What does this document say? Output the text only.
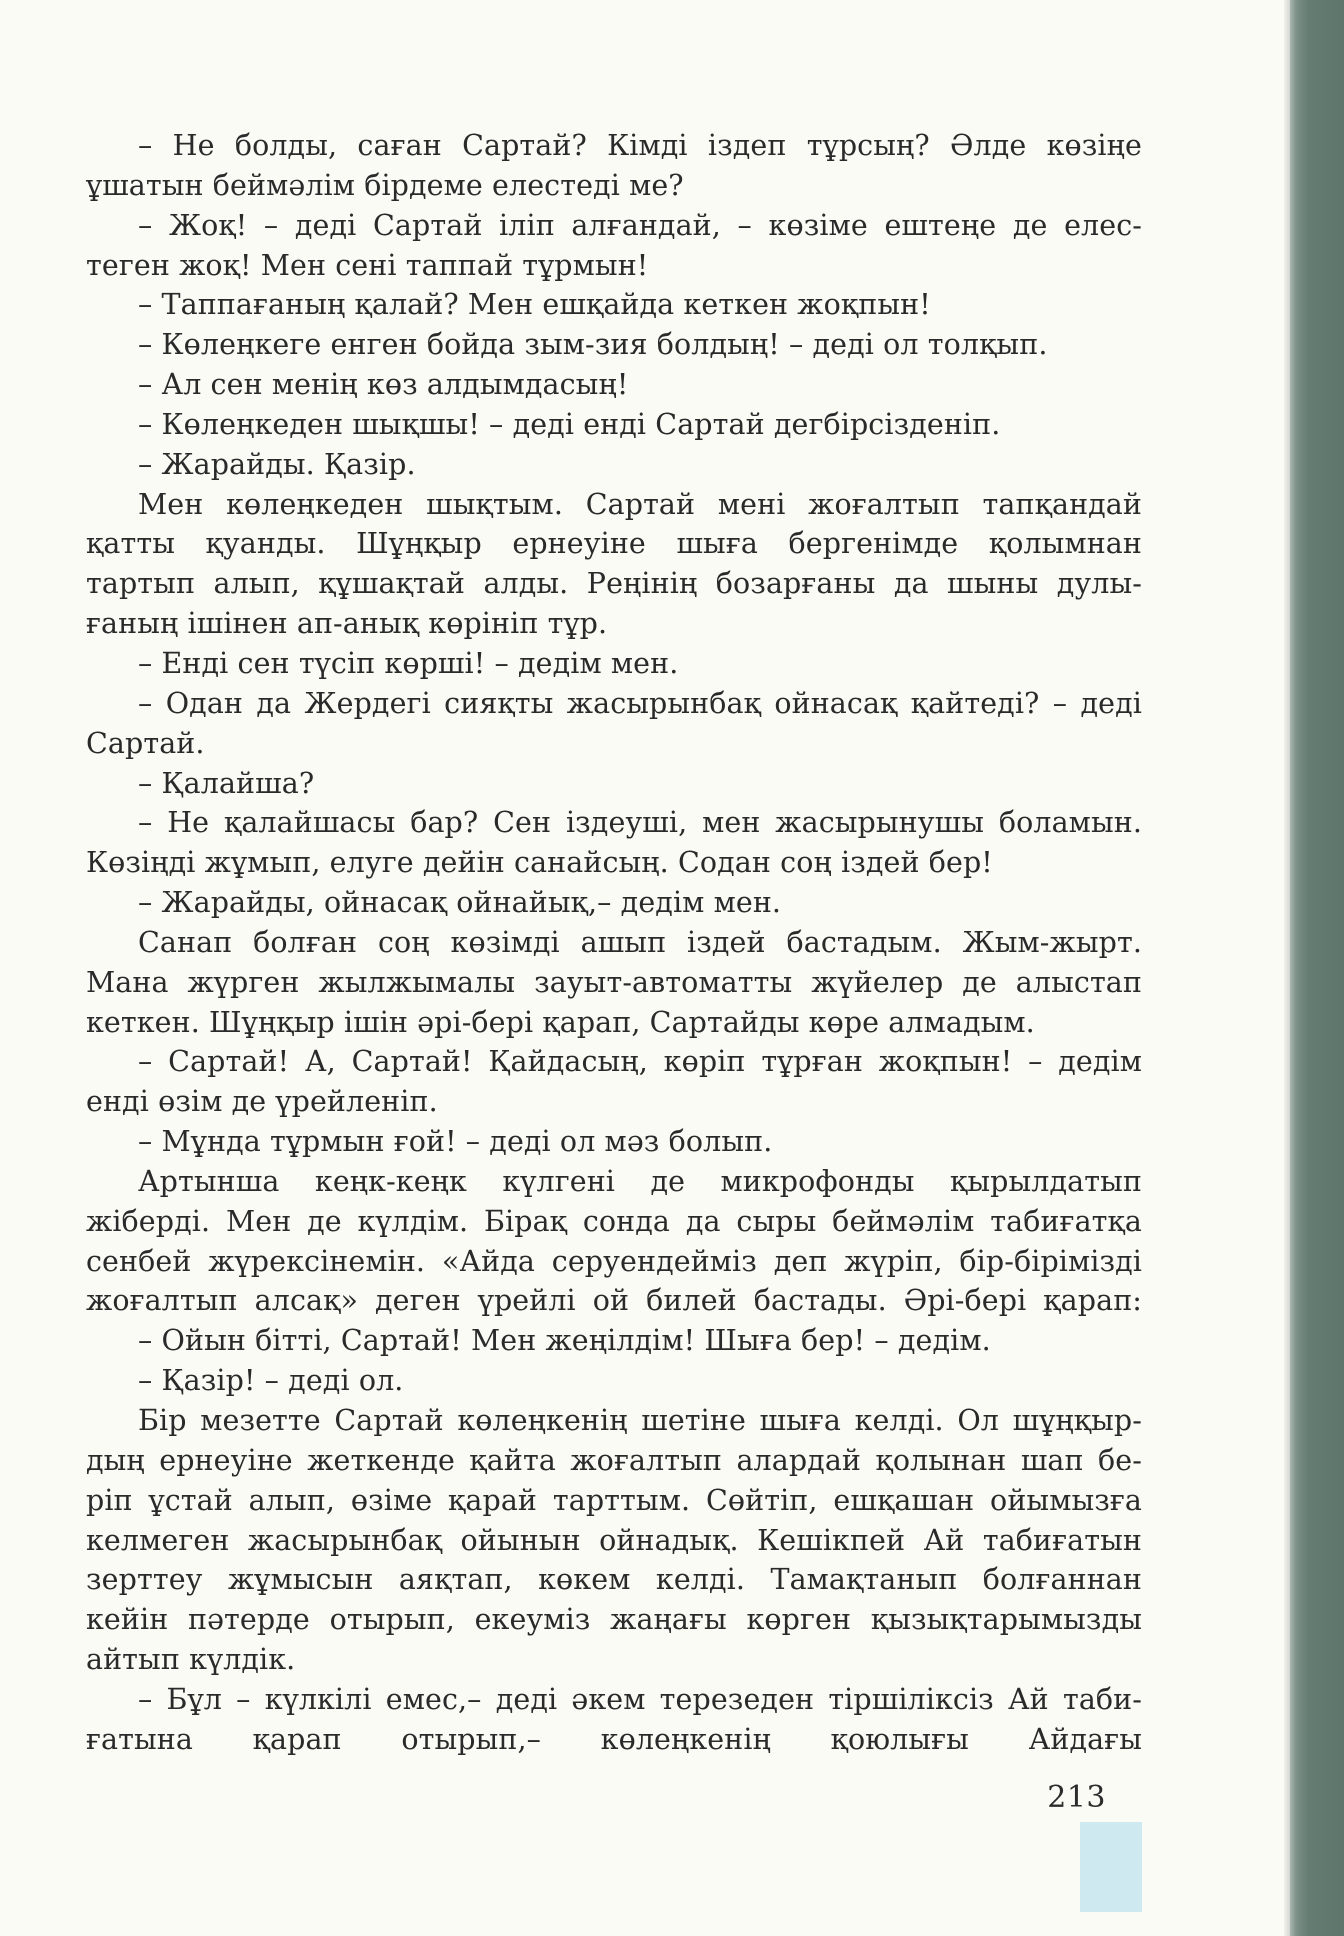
– Не болды, саған Сартай? Кімді іздеп тұрсың? Әлде көзіңе
ұшатын беймәлім бірдеме елестеді ме?
– Жоқ! – деді Сартай іліп алғандай, – көзіме ештеңе де елес-
теген жоқ! Мен сені таппай тұрмын!
– Таппағаның қалай? Мен ешқайда кеткен жоқпын!
– Көлеңкеге енген бойда зым-зия болдың! – деді ол толқып.
– Ал сен менің көз алдымдасың!
– Көлеңкеден шықшы! – деді енді Сартай дегбірсізденіп.
– Жарайды. Қазір.
Мен көлеңкеден шықтым. Сартай мені жоғалтып тапқандай
қатты қуанды. Шұңқыр ернеуіне шыға бергенімде қолымнан
тартып алып, құшақтай алды. Реңінің бозарғаны да шыны дулы-
ғаның ішінен ап-анық көрініп тұр.
– Енді сен түсіп көрші! – дедім мен.
– Одан да Жердегі сияқты жасырынбақ ойнасақ қайтеді? – деді
Сартай.
– Қалайша?
– Не қалайшасы бар? Сен іздеуші, мен жасырынушы боламын.
Көзіңді жұмып, елуге дейін санайсың. Содан соң іздей бер!
– Жарайды, ойнасақ ойнайық,– дедім мен.
Санап болған соң көзімді ашып іздей бастадым. Жым-жырт.
Мана жүрген жылжымалы зауыт-автоматты жүйелер де алыстап
кеткен. Шұңқыр ішін әрі-бері қарап, Сартайды көре алмадым.
– Сартай! А, Сартай! Қайдасың, көріп тұрған жоқпын! – дедім
енді өзім де үрейленіп.
– Мұнда тұрмын ғой! – деді ол мәз болып.
Артынша кеңк-кеңк күлгені де микрофонды қырылдатып
жіберді. Мен де күлдім. Бірақ сонда да сыры беймәлім табиғатқа
сенбей жүрексінемін. «Айда серуендейміз деп жүріп, бір-бірімізді
жоғалтып алсақ» деген үрейлі ой билей бастады. Әрі-бері қарап:
– Ойын бітті, Сартай! Мен жеңілдім! Шыға бер! – дедім.
– Қазір! – деді ол.
Бір мезетте Сартай көлеңкенің шетіне шыға келді. Ол шұңқыр-
дың ернеуіне жеткенде қайта жоғалтып алардай қолынан шап бе-
ріп ұстай алып, өзіме қарай тарттым. Сөйтіп, ешқашан ойымызға
келмеген жасырынбақ ойынын ойнадық. Кешікпей Ай табиғатын
зерттеу жұмысын аяқтап, көкем келді. Тамақтанып болғаннан
кейін пәтерде отырып, екеуміз жаңағы көрген қызықтарымызды
айтып күлдік.
– Бұл – күлкілі емес,– деді әкем терезеден тіршіліксіз Ай таби-
ғатына қарап отырып,– көлеңкенің қоюлығы Айдағы
213
